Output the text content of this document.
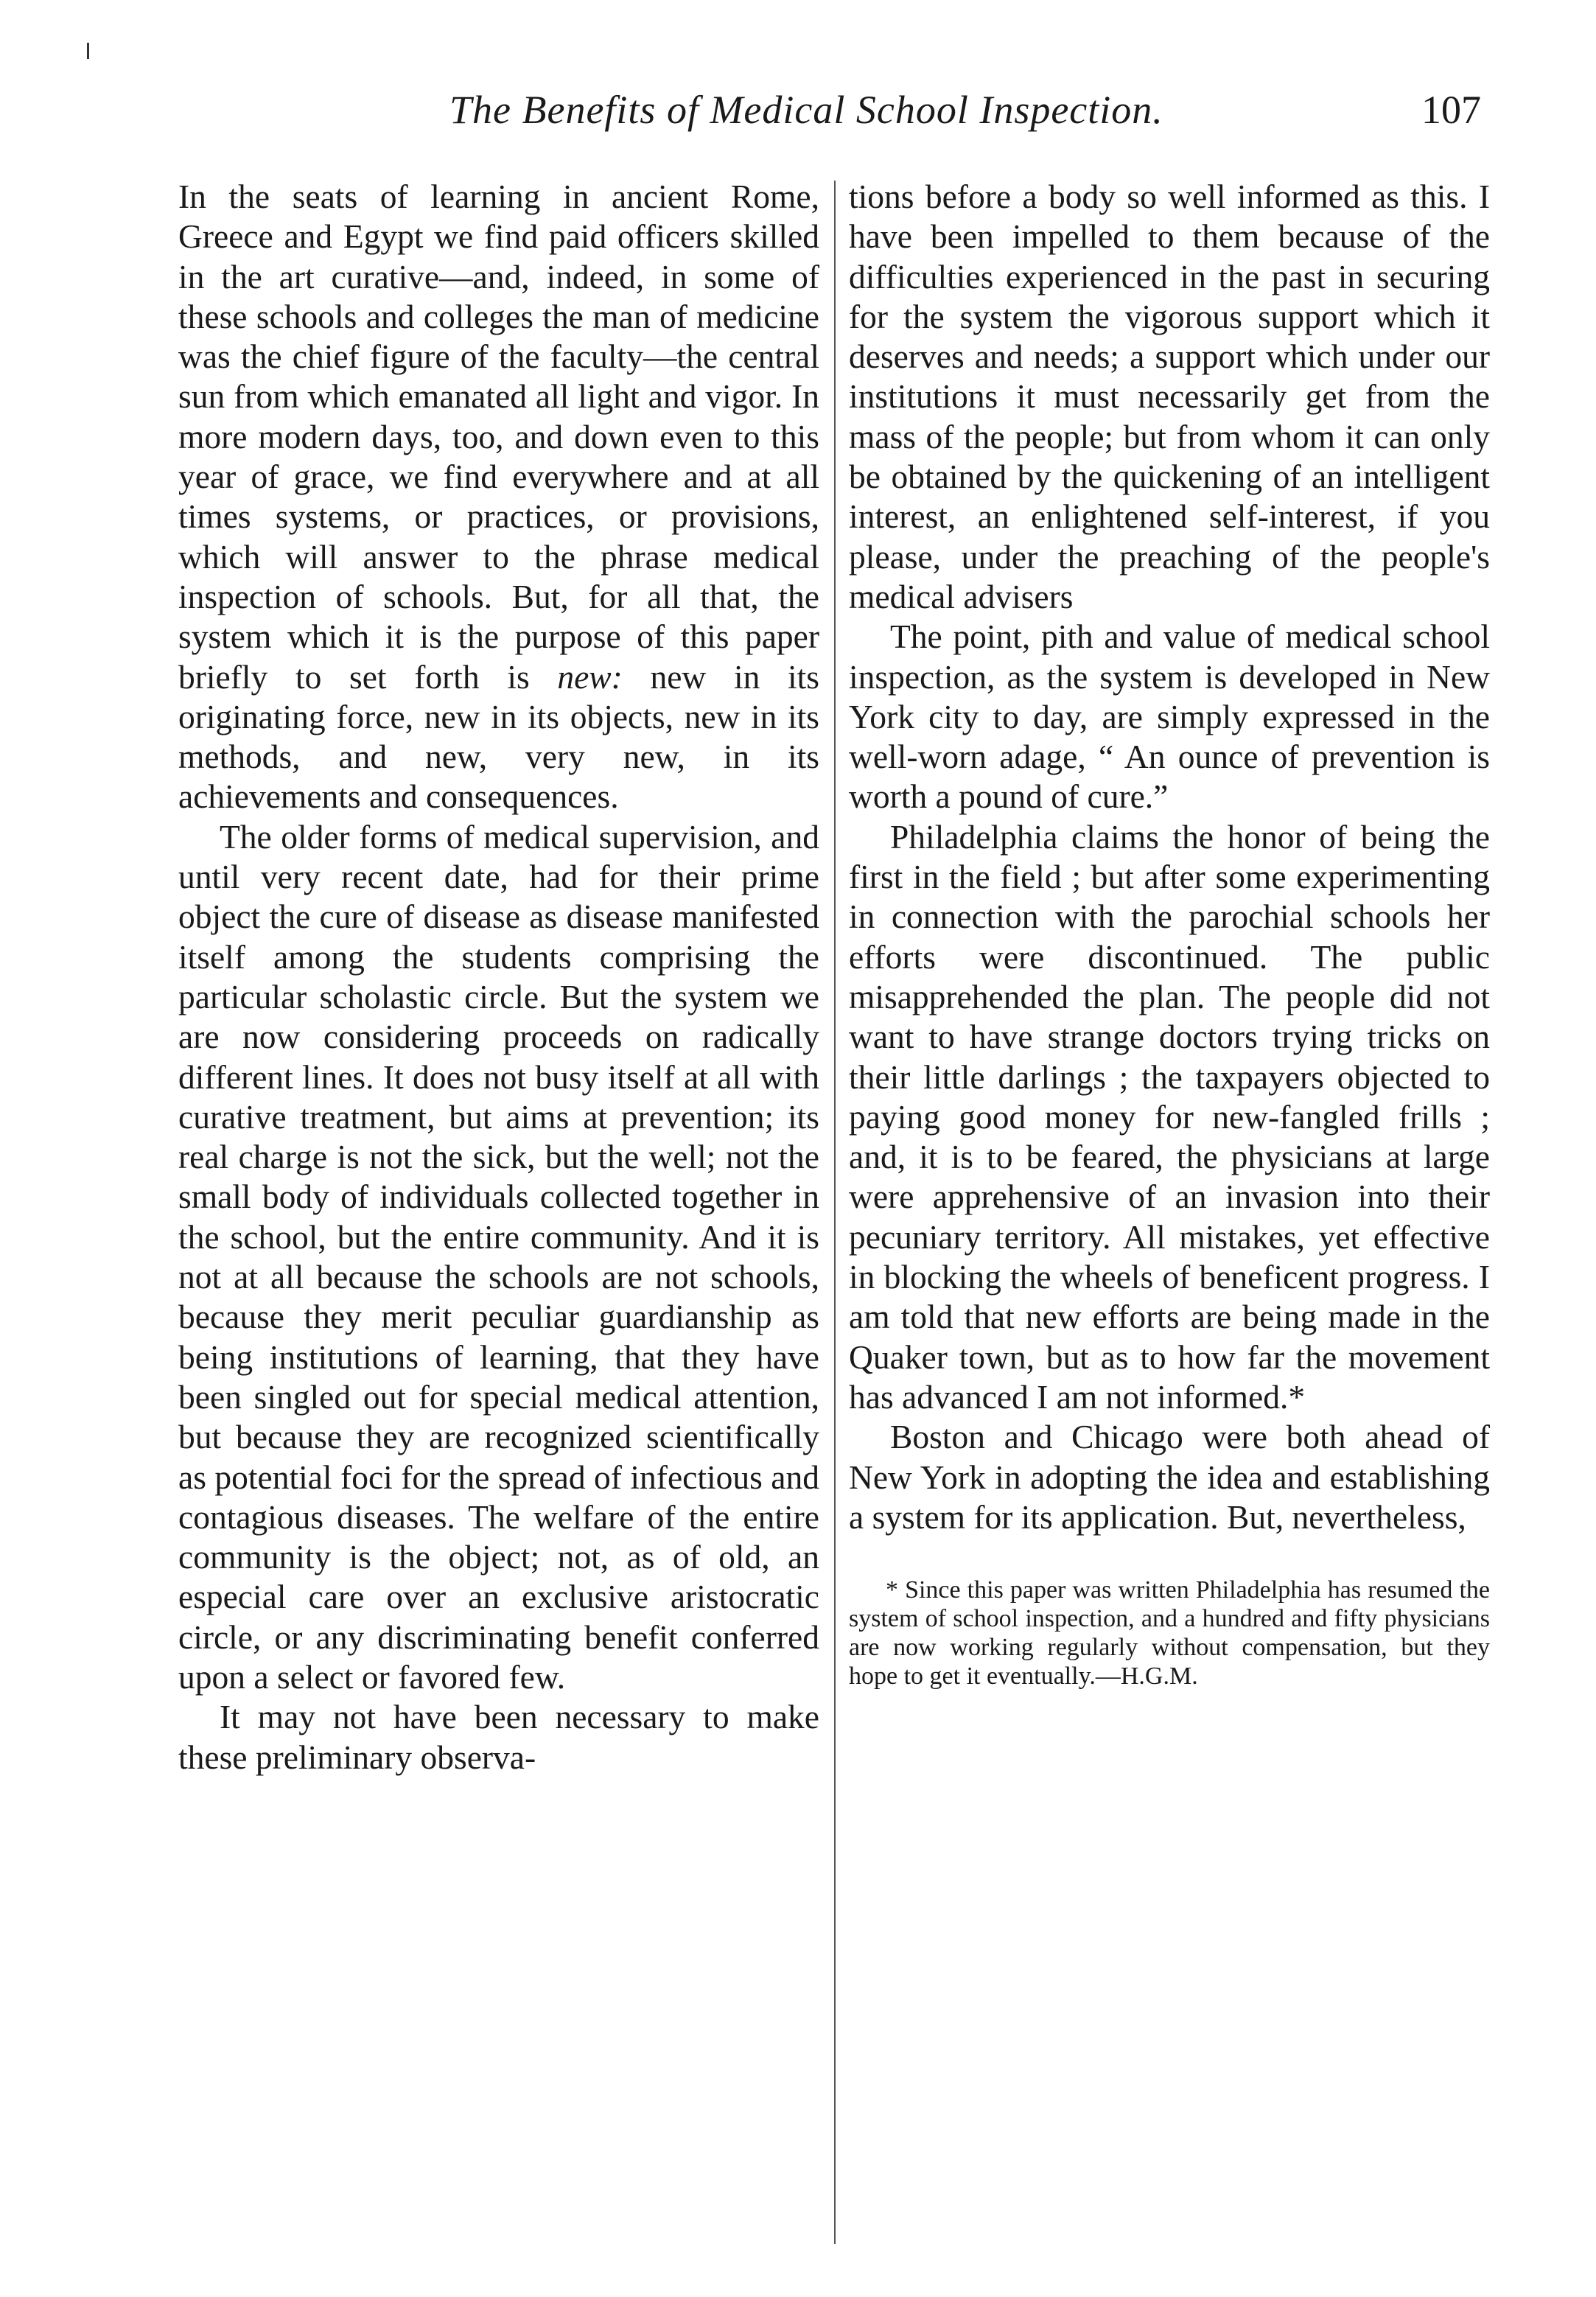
The Benefits of Medical School Inspection.	107

In the seats of learning in ancient Rome, Greece and Egypt we find paid officers skilled in the art curative—and, indeed, in some of these schools and colleges the man of medicine was the chief figure of the faculty—the central sun from which emanated all light and vigor. In more modern days, too, and down even to this year of grace, we find everywhere and at all times systems, or practices, or provisions, which will answer to the phrase medical inspection of schools. But, for all that, the system which it is the purpose of this paper briefly to set forth is new: new in its originating force, new in its objects, new in its methods, and new, very new, in its achievements and consequences.

The older forms of medical supervision, and until very recent date, had for their prime object the cure of disease as disease manifested itself among the students comprising the particular scholastic circle. But the system we are now considering proceeds on radically different lines. It does not busy itself at all with curative treatment, but aims at prevention; its real charge is not the sick, but the well; not the small body of individuals collected together in the school, but the entire community. And it is not at all because the schools are not schools, because they merit peculiar guardianship as being institutions of learning, that they have been singled out for special medical attention, but because they are recognized scientifically as potential foci for the spread of infectious and contagious diseases. The welfare of the entire community is the object; not, as of old, an especial care over an exclusive aristocratic circle, or any discriminating benefit conferred upon a select or favored few.

It may not have been necessary to make these preliminary observa-

tions before a body so well informed as this. I have been impelled to them because of the difficulties experienced in the past in securing for the system the vigorous support which it deserves and needs; a support which under our institutions it must necessarily get from the mass of the people; but from whom it can only be obtained by the quickening of an intelligent interest, an enlightened self-interest, if you please, under the preaching of the people's medical advisers

The point, pith and value of medical school inspection, as the system is developed in New York city to day, are simply expressed in the well-worn adage, “ An ounce of prevention is worth a pound of cure.”

Philadelphia claims the honor of being the first in the field ; but after some experimenting in connection with the parochial schools her efforts were discontinued. The public misapprehended the plan. The people did not want to have strange doctors trying tricks on their little darlings ; the taxpayers objected to paying good money for new-fangled frills ; and, it is to be feared, the physicians at large were apprehensive of an invasion into their pecuniary territory. All mistakes, yet effective in blocking the wheels of beneficent progress. I am told that new efforts are being made in the Quaker town, but as to how far the movement has advanced I am not informed.*

Boston and Chicago were both ahead of New York in adopting the idea and establishing a system for its application. But, nevertheless,

* Since this paper was written Philadelphia has resumed the system of school inspection, and a hundred and fifty physicians are now working regularly without compensation, but they hope to get it eventually.—H.G.M.
